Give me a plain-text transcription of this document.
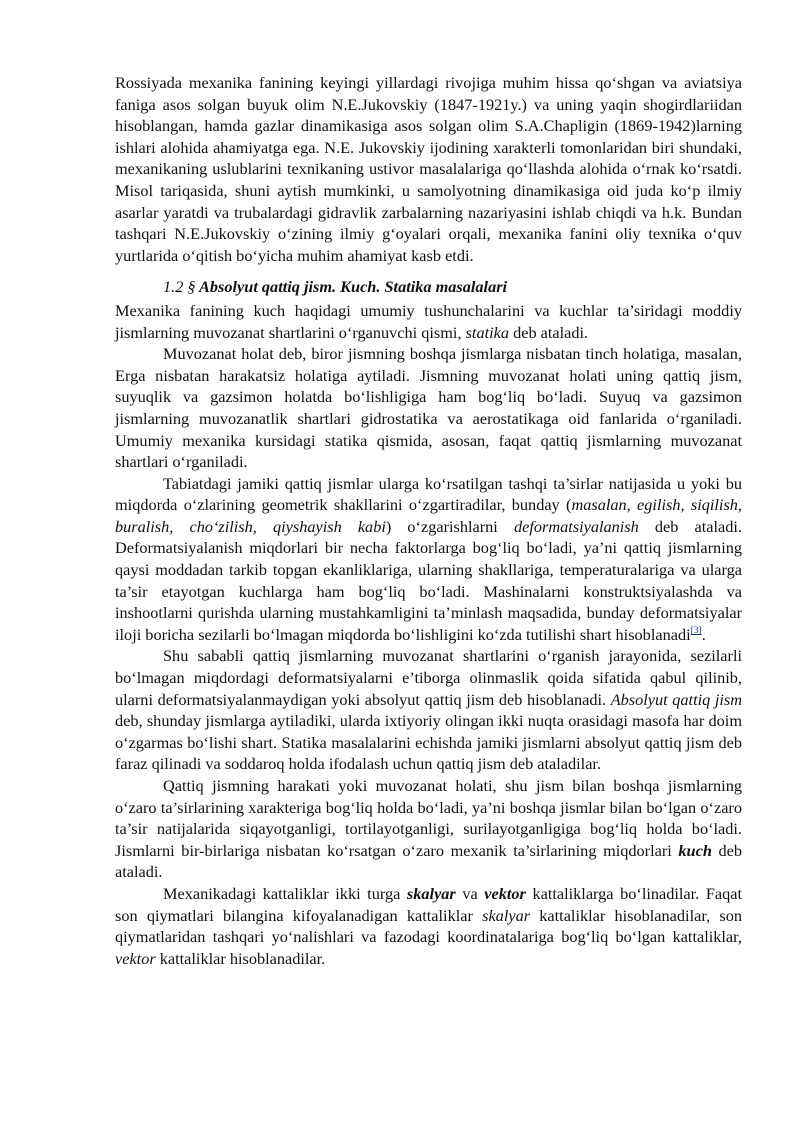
Rossiyada mexanika fanining keyingi yillardagi rivojiga muhim hissa qo‘shgan va aviatsiya faniga asos solgan buyuk olim N.E.Jukovskiy (1847-1921y.) va uning yaqin shogirdlariidan hisoblangan, hamda gazlar dinamikasiga asos solgan olim S.A.Chapligin (1869-1942)larning ishlari alohida ahamiyatga ega. N.E. Jukovskiy ijodining xarakterli tomonlaridan biri shundaki, mexanikaning uslublarini texnikaning ustivor masalalariga qo‘llashda alohida o‘rnak ko‘rsatdi. Misol tariqasida, shuni aytish mumkinki, u samolyotning dinamikasiga oid juda ko‘p ilmiy asarlar yaratdi va trubalardagi gidravlik zarbalarning nazariyasini ishlab chiqdi va h.k. Bundan tashqari N.E.Jukovskiy o‘zining ilmiy g‘oyalari orqali, mexanika fanini oliy texnika o‘quv yurtlarida o‘qitish bo‘yicha muhim ahamiyat kasb etdi.

1.2 § Absolyut qattiq jism. Kuch. Statika masalalari

Mexanika fanining kuch haqidagi umumiy tushunchalarini va kuchlar ta’siridagi moddiy jismlarning muvozanat shartlarini o‘rganuvchi qismi, statika deb ataladi.

Muvozanat holat deb, biror jismning boshqa jismlarga nisbatan tinch holatiga, masalan, Erga nisbatan harakatsiz holatiga aytiladi. Jismning muvozanat holati uning qattiq jism, suyuqlik va gazsimon holatda bo‘lishligiga ham bog‘liq bo‘ladi. Suyuq va gazsimon jismlarning muvozanatlik shartlari gidrostatika va aerostatikaga oid fanlarida o‘rganiladi. Umumiy mexanika kursidagi statika qismida, asosan, faqat qattiq jismlarning muvozanat shartlari o‘rganiladi.

Tabiatdagi jamiki qattiq jismlar ularga ko‘rsatilgan tashqi ta’sirlar natijasida u yoki bu miqdorda o‘zlarining geometrik shakllarini o‘zgartiradilar, bunday (masalan, egilish, siqilish, buralish, cho‘zilish, qiyshayish kabi) o‘zgarishlarni deformatsiyalanish deb ataladi. Deformatsiyalanish miqdorlari bir necha faktorlarga bog‘liq bo‘ladi, ya’ni qattiq jismlarning qaysi moddadan tarkib topgan ekanliklariga, ularning shakllariga, temperaturalariga va ularga ta’sir etayotgan kuchlarga ham bog‘liq bo‘ladi. Mashinalarni konstruktsiyalashda va inshootlarni qurishda ularning mustahkamligini ta’minlash maqsadida, bunday deformatsiyalar iloji boricha sezilarli bo‘lmagan miqdorda bo‘lishligini ko‘zda tutilishi shart hisoblanadi[3].

Shu sababli qattiq jismlarning muvozanat shartlarini o‘rganish jarayonida, sezilarli bo‘lmagan miqdordagi deformatsiyalarni e’tiborga olinmaslik qoida sifatida qabul qilinib, ularni deformatsiyalanmaydigan yoki absolyut qattiq jism deb hisoblanadi. Absolyut qattiq jism deb, shunday jismlarga aytiladiki, ularda ixtiyoriy olingan ikki nuqta orasidagi masofa har doim o‘zgarmas bo‘lishi shart. Statika masalalarini echishda jamiki jismlarni absolyut qattiq jism deb faraz qilinadi va soddaroq holda ifodalash uchun qattiq jism deb ataladilar.

Qattiq jismning harakati yoki muvozanat holati, shu jism bilan boshqa jismlarning o‘zaro ta’sirlarining xarakteriga bog‘liq holda bo‘ladi, ya’ni boshqa jismlar bilan bo‘lgan o‘zaro ta’sir natijalarida siqayotganligi, tortilayotganligi, surilayotganligiga bog‘liq holda bo‘ladi. Jismlarni bir-birlariga nisbatan ko‘rsatgan o‘zaro mexanik ta’sirlarining miqdorlari kuch deb ataladi.

Mexanikadagi kattaliklar ikki turga skalyar va vektor kattaliklarga bo‘linadilar. Faqat son qiymatlari bilangina kifoyalanadigan kattaliklar skalyar kattaliklar hisoblanadilar, son qiymatlaridan tashqari yo‘nalishlari va fazodagi koordinatalariga bog‘liq bo‘lgan kattaliklar, vektor kattaliklar hisoblanadilar.
